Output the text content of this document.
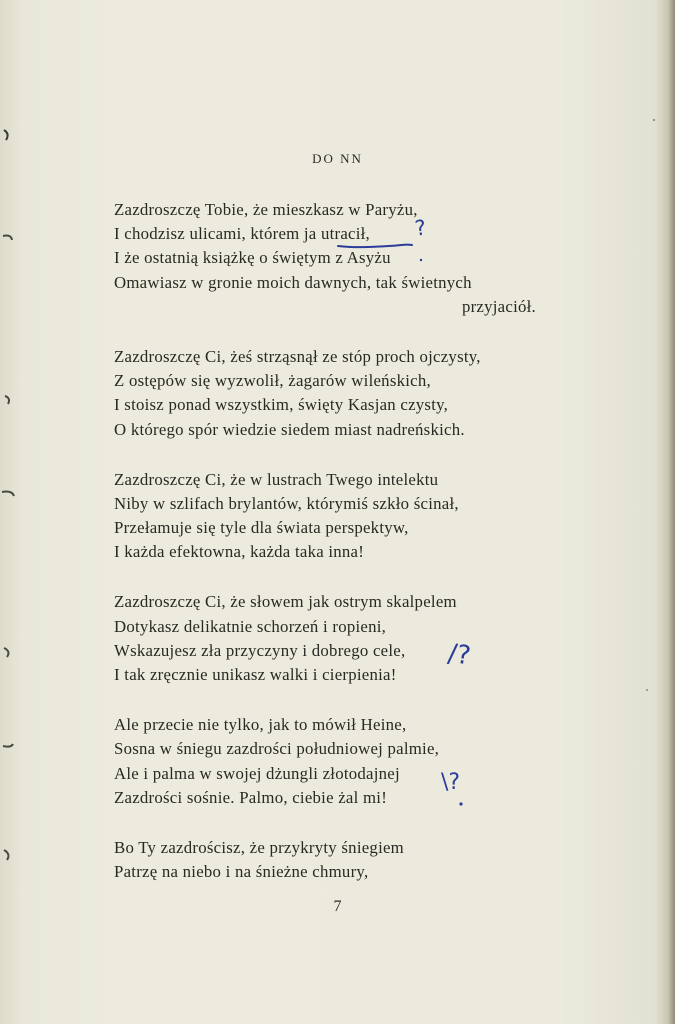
DO NN
Zazdroszczę Tobie, że mieszkasz w Paryżu,
I chodzisz ulicami, którem ja utracił,
I że ostatnią książkę o świętym z Asyżu
Omawiasz w gronie moich dawnych, tak świetnych
przyjaciół.
Zazdroszczę Ci, żeś strząsnął ze stóp proch ojczysty,
Z ostępów się wyzwolił, żagarów wileńskich,
I stoisz ponad wszystkim, święty Kasjan czysty,
O którego spór wiedzie siedem miast nadreńskich.
Zazdroszczę Ci, że w lustrach Twego intelektu
Niby w szlifach brylantów, którymiś szkło ścinał,
Przełamuje się tyle dla świata perspektyw,
I każda efektowna, każda taka inna!
Zazdroszczę Ci, że słowem jak ostrym skalpelem
Dotykasz delikatnie schorzeń i ropieni,
Wskazujesz zła przyczyny i dobrego cele,
I tak zręcznie unikasz walki i cierpienia!
Ale przecie nie tylko, jak to mówił Heine,
Sosna w śniegu zazdrości południowej palmie,
Ale i palma w swojej dżungli złotodajnej
Zazdrości sośnie. Palmo, ciebie żal mi!
Bo Ty zazdrościsz, że przykryty śniegiem
Patrzę na niebo i na śnieżne chmury,
?
/?
\?
7
